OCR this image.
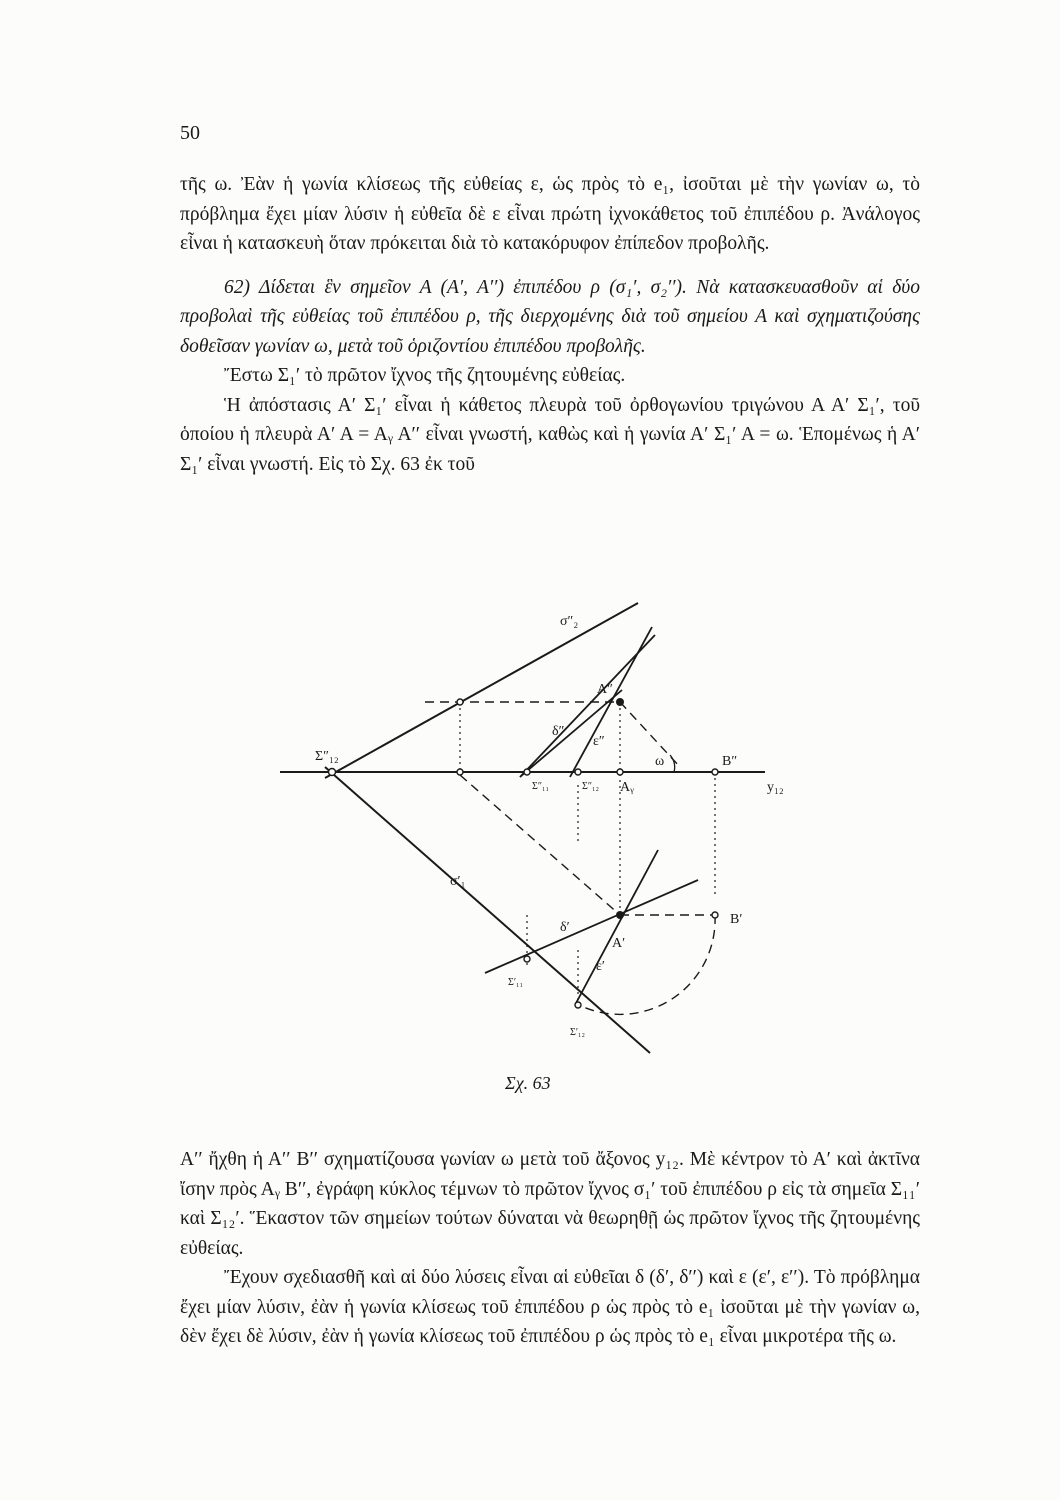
50

τῆς ω. Ἐὰν ἡ γωνία κλίσεως τῆς εὐθείας ε, ὡς πρὸς τὸ e₁, ἰσοῦται μὲ τὴν γωνίαν ω, τὸ πρόβλημα ἔχει μίαν λύσιν ἡ εὐθεῖα δὲ ε εἶναι πρώτη ἰχνοκάθετος τοῦ ἐπιπέδου ρ. Ἀνάλογος εἶναι ἡ κατασκευὴ ὅταν πρόκειται διὰ τὸ κατακόρυφον ἐπίπεδον προβολῆς.

62) Δίδεται ἓν σημεῖον Α (Α′, Α′′) ἐπιπέδου ρ (σ₁′, σ₂′′). Νὰ κατασκευασθοῦν αἱ δύο προβολαὶ τῆς εὐθείας τοῦ ἐπιπέδου ρ, τῆς διερχομένης διὰ τοῦ σημείου Α καὶ σχηματιζούσης δοθεῖσαν γωνίαν ω, μετὰ τοῦ ὁριζοντίου ἐπιπέδου προβολῆς.

Ἔστω Σ₁′ τὸ πρῶτον ἴχνος τῆς ζητουμένης εὐθείας.

Ἡ ἀπόστασις Α′ Σ₁′ εἶναι ἡ κάθετος πλευρὰ τοῦ ὀρθογωνίου τριγώνου Α Α′ Σ₁′, τοῦ ὁποίου ἡ πλευρὰ Α′ Α = Αᵧ Α′′ εἶναι γνωστή, καθὼς καὶ ἡ γωνία Α′ Σ₁′ Α = ω. Ἑπομένως ἡ Α′ Σ₁′ εἶναι γνωστή. Εἰς τὸ Σχ. 63 ἐκ τοῦ

σ″₂
σ′₁
Σ″₁₂
Σ″₁₁	Σ″₁₂ Aᵧ
A″
B″
ω
y₁₂
δ″
ε″
A′
B′
δ′
ε′
Σ′₁₁
Σ′₁₂
Σχ. 63

Α′′ ἤχθη ἡ Α′′ Β′′ σχηματίζουσα γωνίαν ω μετὰ τοῦ ἄξονος y₁₂. Μὲ κέντρον τὸ Α′ καὶ ἀκτῖνα ἴσην πρὸς Αᵧ Β′′, ἐγράφη κύκλος τέμνων τὸ πρῶτον ἴχνος σ₁′ τοῦ ἐπιπέδου ρ εἰς τὰ σημεῖα Σ₁₁′ καὶ Σ₁₂′. Ἕκαστον τῶν σημείων τούτων δύναται νὰ θεωρηθῇ ὡς πρῶτον ἴχνος τῆς ζητουμένης εὐθείας.

Ἔχουν σχεδιασθῆ καὶ αἱ δύο λύσεις εἶναι αἱ εὐθεῖαι δ (δ′, δ′′) καὶ ε (ε′, ε′′). Τὸ πρόβλημα ἔχει μίαν λύσιν, ἐὰν ἡ γωνία κλίσεως τοῦ ἐπιπέδου ρ ὡς πρὸς τὸ e₁ ἰσοῦται μὲ τὴν γωνίαν ω, δὲν ἔχει δὲ λύσιν, ἐὰν ἡ γωνία κλίσεως τοῦ ἐπιπέδου ρ ὡς πρὸς τὸ e₁ εἶναι μικροτέρα τῆς ω.
